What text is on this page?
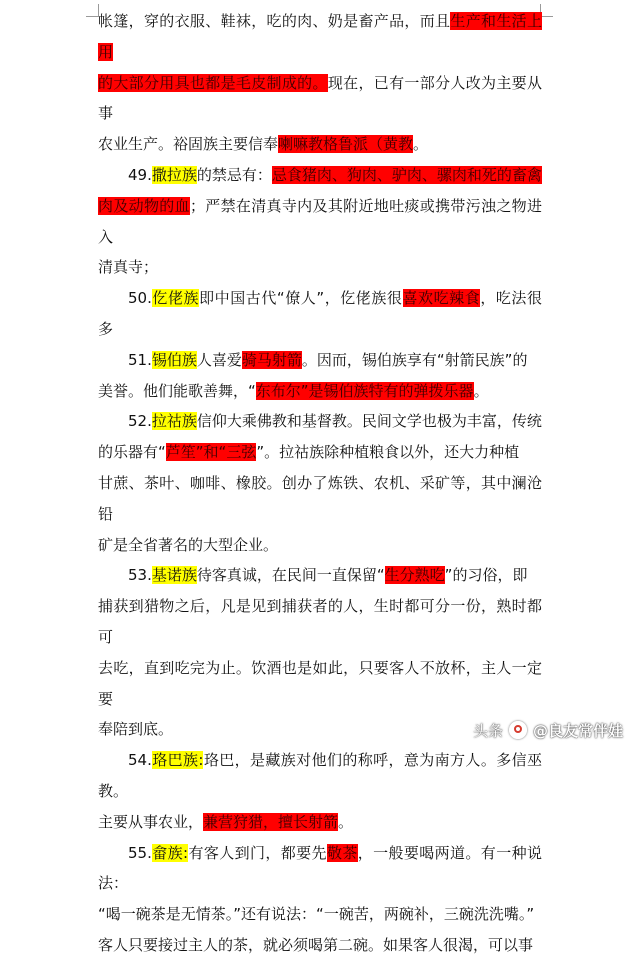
帐篷，穿的衣服、鞋袜，吃的肉、奶是畜产品，而且生产和生活上用

的大部分用具也都是毛皮制成的。现在，已有一部分人改为主要从事

农业生产。裕固族主要信奉喇嘛教格鲁派（黄教。

49.撒拉族的禁忌有：忌食猪肉、狗肉、驴肉、骡肉和死的畜禽

肉及动物的血；严禁在清真寺内及其附近地吐痰或携带污浊之物进入

清真寺；

50.仡佬族即中国古代“僚人”，仡佬族很喜欢吃辣食，吃法很多

51.锡伯族人喜爱骑马射箭。因而，锡伯族享有“射箭民族”的

美誉。他们能歌善舞，“东布尔”是锡伯族特有的弹拨乐器。

52.拉祜族信仰大乘佛教和基督教。民间文学也极为丰富，传统

的乐器有“芦笙”和“三弦”。拉祜族除种植粮食以外，还大力种植

甘蔗、茶叶、咖啡、橡胶。创办了炼铁、农机、采矿等，其中澜沧铅

矿是全省著名的大型企业。

53.基诺族待客真诚，在民间一直保留“生分熟吃”的习俗，即

捕获到猎物之后，凡是见到捕获者的人，生时都可分一份，熟时都可

去吃，直到吃完为止。饮酒也是如此，只要客人不放杯，主人一定要

奉陪到底。

54.珞巴族:珞巴，是藏族对他们的称呼，意为南方人。多信巫教。

主要从事农业，兼营狩猎，擅长射箭。

55.畲族:有客人到门，都要先敬茶，一般要喝两道。有一种说法：

“喝一碗茶是无情茶。”还有说法：“一碗苦，两碗补，三碗洗洗嘴。”

客人只要接过主人的茶，就必须喝第二碗。如果客人很渴，可以事

头条 @良友常伴娃
